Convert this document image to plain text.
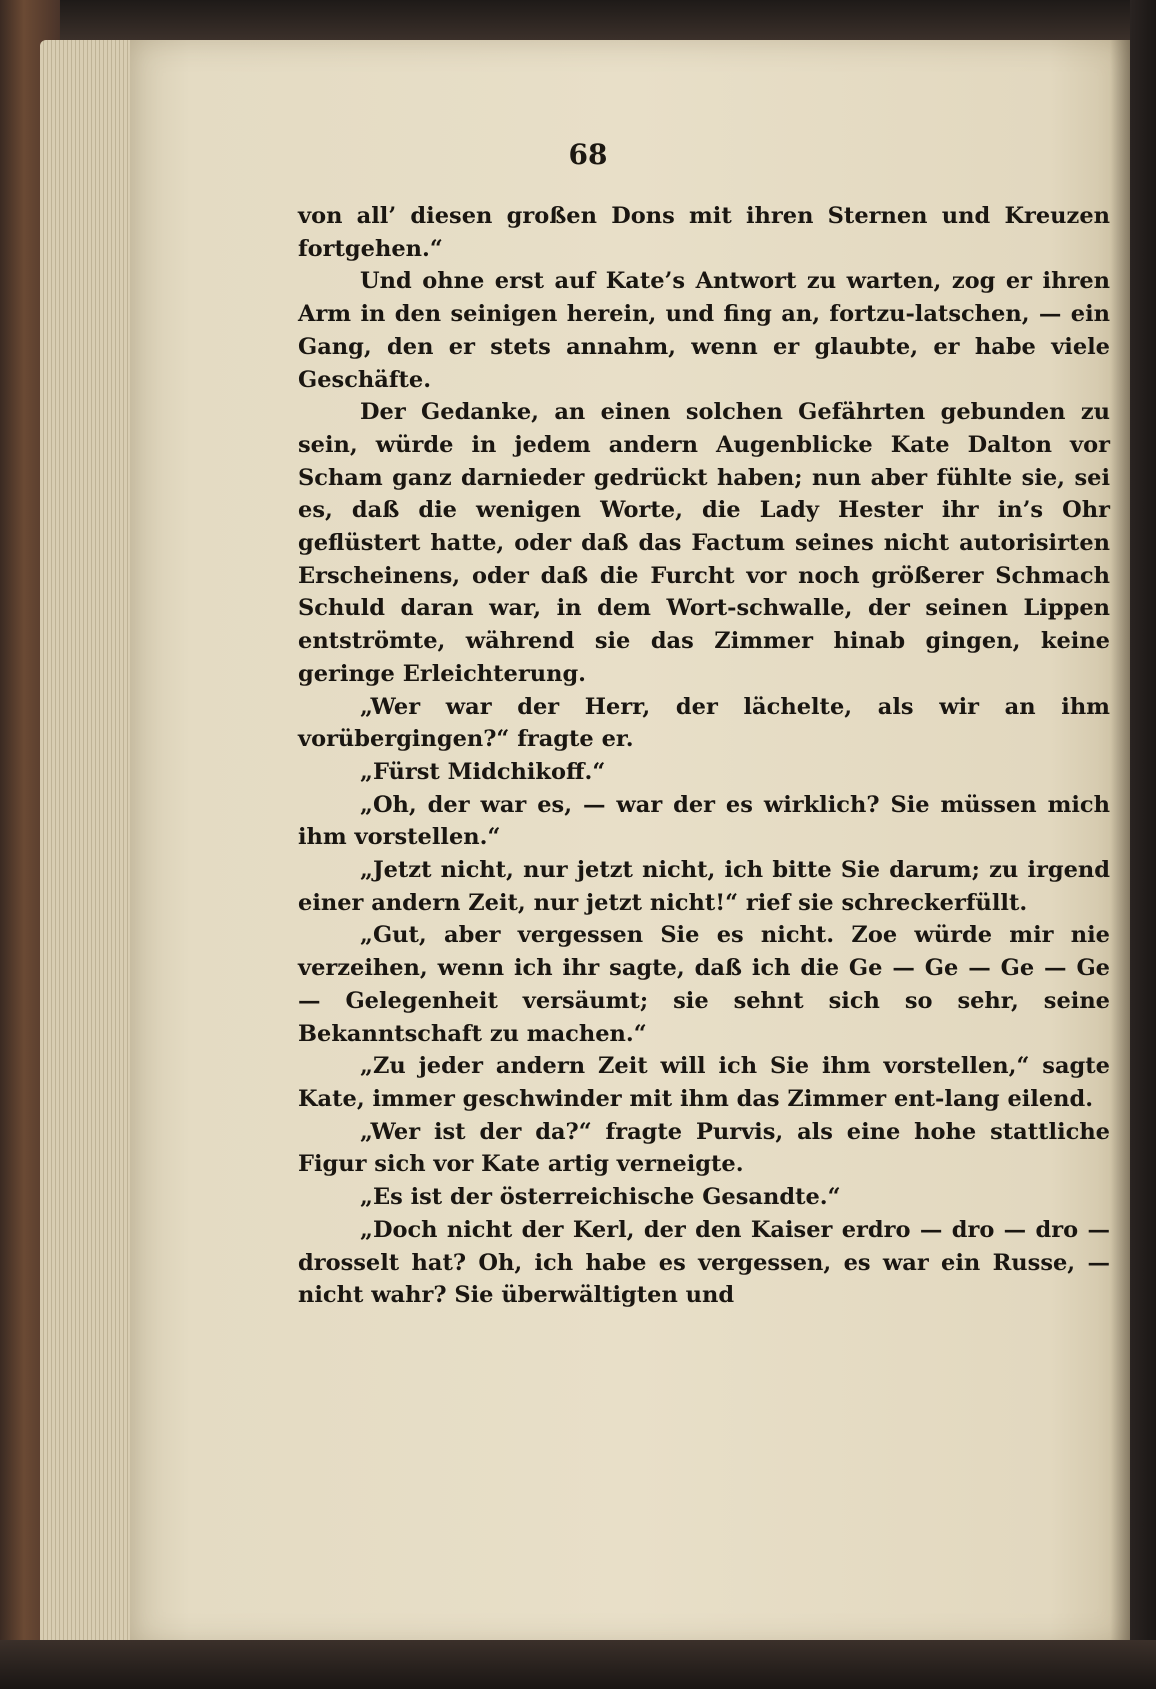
68

von all’ diesen großen Dons mit ihren Sternen und Kreuzen fortgehen.“

Und ohne erst auf Kate’s Antwort zu warten, zog er ihren Arm in den seinigen herein, und fing an, fortzu-latschen, — ein Gang, den er stets annahm, wenn er glaubte, er habe viele Geschäfte.

Der Gedanke, an einen solchen Gefährten gebunden zu sein, würde in jedem andern Augenblicke Kate Dalton vor Scham ganz darnieder gedrückt haben; nun aber fühlte sie, sei es, daß die wenigen Worte, die Lady Hester ihr in’s Ohr geflüstert hatte, oder daß das Factum seines nicht autorisirten Erscheinens, oder daß die Furcht vor noch größerer Schmach Schuld daran war, in dem Wort-schwalle, der seinen Lippen entströmte, während sie das Zimmer hinab gingen, keine geringe Erleichterung.

„Wer war der Herr, der lächelte, als wir an ihm vorübergingen?“ fragte er.

„Fürst Midchikoff.“

„Oh, der war es, — war der es wirklich? Sie müssen mich ihm vorstellen.“

„Jetzt nicht, nur jetzt nicht, ich bitte Sie darum; zu irgend einer andern Zeit, nur jetzt nicht!“ rief sie schreckerfüllt.

„Gut, aber vergessen Sie es nicht. Zoe würde mir nie verzeihen, wenn ich ihr sagte, daß ich die Ge — Ge — Ge — Ge — Gelegenheit versäumt; sie sehnt sich so sehr, seine Bekanntschaft zu machen.“

„Zu jeder andern Zeit will ich Sie ihm vorstellen,“ sagte Kate, immer geschwinder mit ihm das Zimmer ent-lang eilend.

„Wer ist der da?“ fragte Purvis, als eine hohe stattliche Figur sich vor Kate artig verneigte.

„Es ist der österreichische Gesandte.“

„Doch nicht der Kerl, der den Kaiser erdro — dro — dro — drosselt hat? Oh, ich habe es vergessen, es war ein Russe, — nicht wahr? Sie überwältigten und
